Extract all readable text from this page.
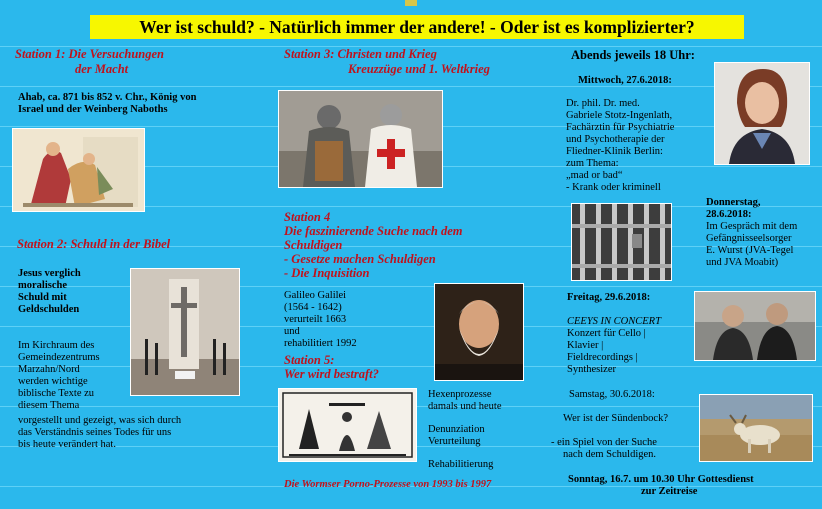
Wer ist schuld? - Natürlich immer der andere! - Oder ist es komplizierter?
Station 1: Die Versuchungen
der Macht
Ahab, ca. 871 bis 852 v. Chr., König von
Israel und der Weinberg Naboths
Station 2: Schuld in der Bibel
Jesus verglich
moralische
Schuld mit
Geldschulden
Im Kirchraum des
Gemeindezentrums
Marzahn/Nord
werden wichtige
biblische Texte zu
diesem Thema
vorgestellt und gezeigt, was sich durch
das Verständnis seines Todes für uns
bis heute verändert hat.
Station 3: Christen und Krieg
Kreuzzüge und 1. Weltkrieg
Station 4
Die faszinierende Suche nach dem
Schuldigen
- Gesetze machen Schuldigen
- Die Inquisition
Galileo Galilei
(1564 - 1642)
verurteilt 1663
und
rehabilitiert 1992
Station 5:
Wer wird bestraft?
Hexenprozesse
damals und heute
Denunziation
Verurteilung
Rehabilitierung
Die Wormser Porno-Prozesse von 1993 bis 1997
Abends jeweils 18 Uhr:
Mittwoch, 27.6.2018:
Dr. phil. Dr. med.
Gabriele Stotz-Ingenlath,
Fachärztin für Psychiatrie
und Psychotherapie der
Fliedner-Klinik Berlin:
zum Thema:
„mad or bad“
- Krank oder kriminell
Donnerstag,
28.6.2018:
Im Gespräch mit dem
Gefängnisseelsorger
E. Wurst (JVA-Tegel
und JVA Moabit)
Freitag, 29.6.2018:
CEEYS IN CONCERT
Konzert für Cello |
Klavier |
Fieldrecordings |
Synthesizer
Samstag, 30.6.2018:
Wer ist der Sündenbock?
- ein Spiel von der Suche
nach dem Schuldigen.
Sonntag, 16.7. um 10.30 Uhr Gottesdienst
zur Zeitreise
